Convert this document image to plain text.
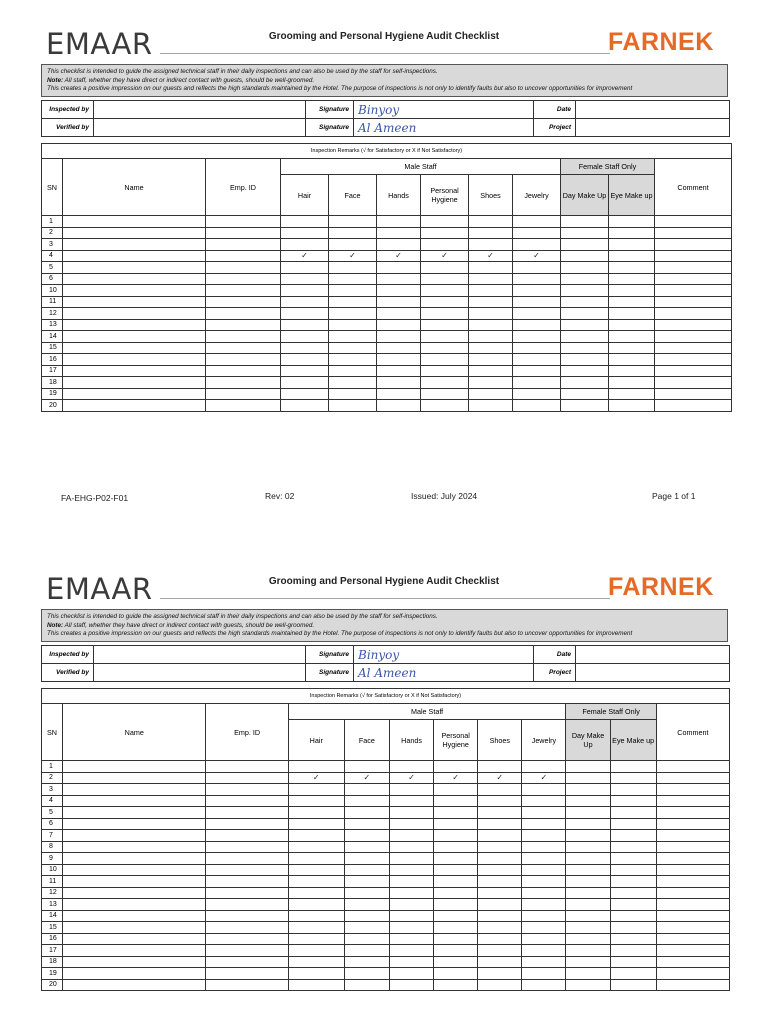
EMAAR	Grooming and Personal Hygiene Audit Checklist	FARNEK
This checklist is intended to guide the assigned technical staff in their daily inspections and can also be used by the staff for self-inspections.
Note: All staff, whether they have direct or indirect contact with guests, should be well-groomed.
This creates a positive impression on our guests and reflects the high standards maintained by the Hotel. The purpose of inspections is not only to identify faults but also to uncover opportunities for improvement
Inspected by		Signature	Binyoy	Date	
Verified by		Signature	Al Ameen	Project	
Inspection Remarks (√ for Satisfactory or X if Not Satisfactory)											
SN	Name	Emp. ID	Male Staff						Female Staff Only		Comment
			Hair	Face	Hands	Personal Hygiene	Shoes	Jewelry	Day Make Up	Eye Make up	
1											
2											
3											
4			✓	✓	✓	✓	✓	✓			
5											
6											
10											
11											
12											
13											
14											
15											
16											
17											
18											
19											
20											
FA-EHG-P02-F01	Rev: 02	Issued: July 2024	Page 1 of 1
EMAAR	Grooming and Personal Hygiene Audit Checklist	FARNEK
This checklist is intended to guide the assigned technical staff in their daily inspections and can also be used by the staff for self-inspections.
Note: All staff, whether they have direct or indirect contact with guests, should be well-groomed.
This creates a positive impression on our guests and reflects the high standards maintained by the Hotel. The purpose of inspections is not only to identify faults but also to uncover opportunities for improvement
Inspected by		Signature	Binyoy	Date	
Verified by		Signature	Al Ameen	Project	
Inspection Remarks (√ for Satisfactory or X if Not Satisfactory)											
SN	Name	Emp. ID	Male Staff						Female Staff Only		Comment
			Hair	Face	Hands	Personal Hygiene	Shoes	Jewelry	Day Make Up	Eye Make up	
1											
2			✓	✓	✓	✓	✓	✓			
3											
4											
5											
6											
7											
8											
9											
10											
11											
12											
13											
14											
15											
16											
17											
18											
19											
20											
